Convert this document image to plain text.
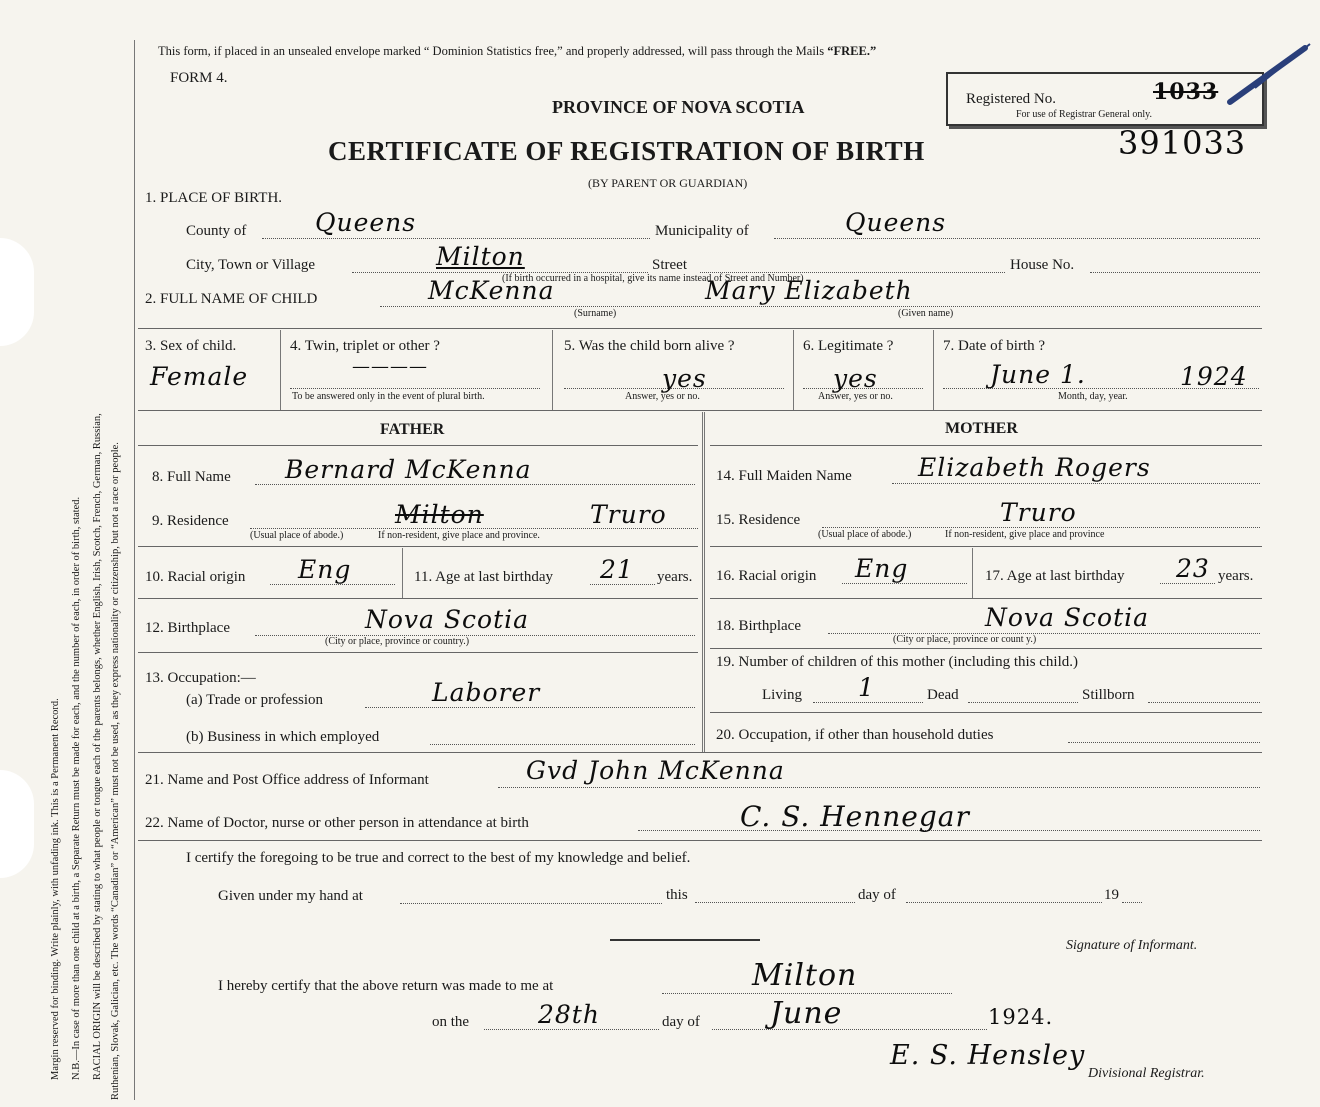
Margin reserved for binding. Write plainly, with unfading ink. This is a Permanent Record. N.B.—In case of more than one child at a birth, a Separate Return must be made for each, and the number of each, in order of birth, stated. RACIAL ORIGIN will be described by stating to what people or tongue each of the parents belongs, whether English, Irish, Scotch, French, German, Russian, Ruthenian, Slovak, Galician, etc. The words “Canadian” or “American” must not be used, as they express nationality or citizenship, but not a race or people.
This form, if placed in an unsealed envelope marked “ Dominion Statistics free,” and properly addressed, will pass through the Mails “FREE.”
FORM 4.
PROVINCE OF NOVA SCOTIA
CERTIFICATE OF REGISTRATION OF BIRTH
(BY PARENT OR GUARDIAN)
Registered No.	1033
For use of Registrar General only.
391033
1. PLACE OF BIRTH.
County of	Queens	Municipality of	Queens
City, Town or Village	Milton	Street	House No.
(If birth occurred in a hospital, give its name instead of Street and Number)
2. FULL NAME OF CHILD	McKenna	Mary Elizabeth
(Surname)	(Given name)
3. Sex of child.
Female
4. Twin, triplet or other ?
————
To be answered only in the event of plural birth.
5. Was the child born alive ?
yes
Answer, yes or no.
6. Legitimate ?
yes
Answer, yes or no.
7. Date of birth ?
June 1.	1924
Month, day, year.
FATHER	MOTHER
8. Full Name Bernard McKenna
9. Residence	Milton	Truro
(Usual place of abode.)	If non-resident, give place and province.
10. Racial origin Eng	11. Age at last birthday 21 years.
12. Birthplace	Nova Scotia
(City or place, province or country.)
13. Occupation:—
(a) Trade or profession	Laborer
(b) Business in which employed
14. Full Maiden Name	Elizabeth Rogers
15. Residence	Truro
(Usual place of abode.)	If non-resident, give place and province
16. Racial origin Eng	17. Age at last birthday 23 years.
18. Birthplace	Nova Scotia
(City or place, province or count y.)
19. Number of children of this mother (including this child.)
Living 1	Dead	Stillborn
20. Occupation, if other than household duties
21. Name and Post Office address of Informant	Gvd John McKenna
22. Name of Doctor, nurse or other person in attendance at birth	C. S. Hennegar
I certify the foregoing to be true and correct to the best of my knowledge and belief.
Given under my hand at	this	day of	19
Signature of Informant.
I hereby certify that the above return was made to me at	Milton
on the	28th	day of June	1924.
E. S. Hensley
Divisional Registrar.
